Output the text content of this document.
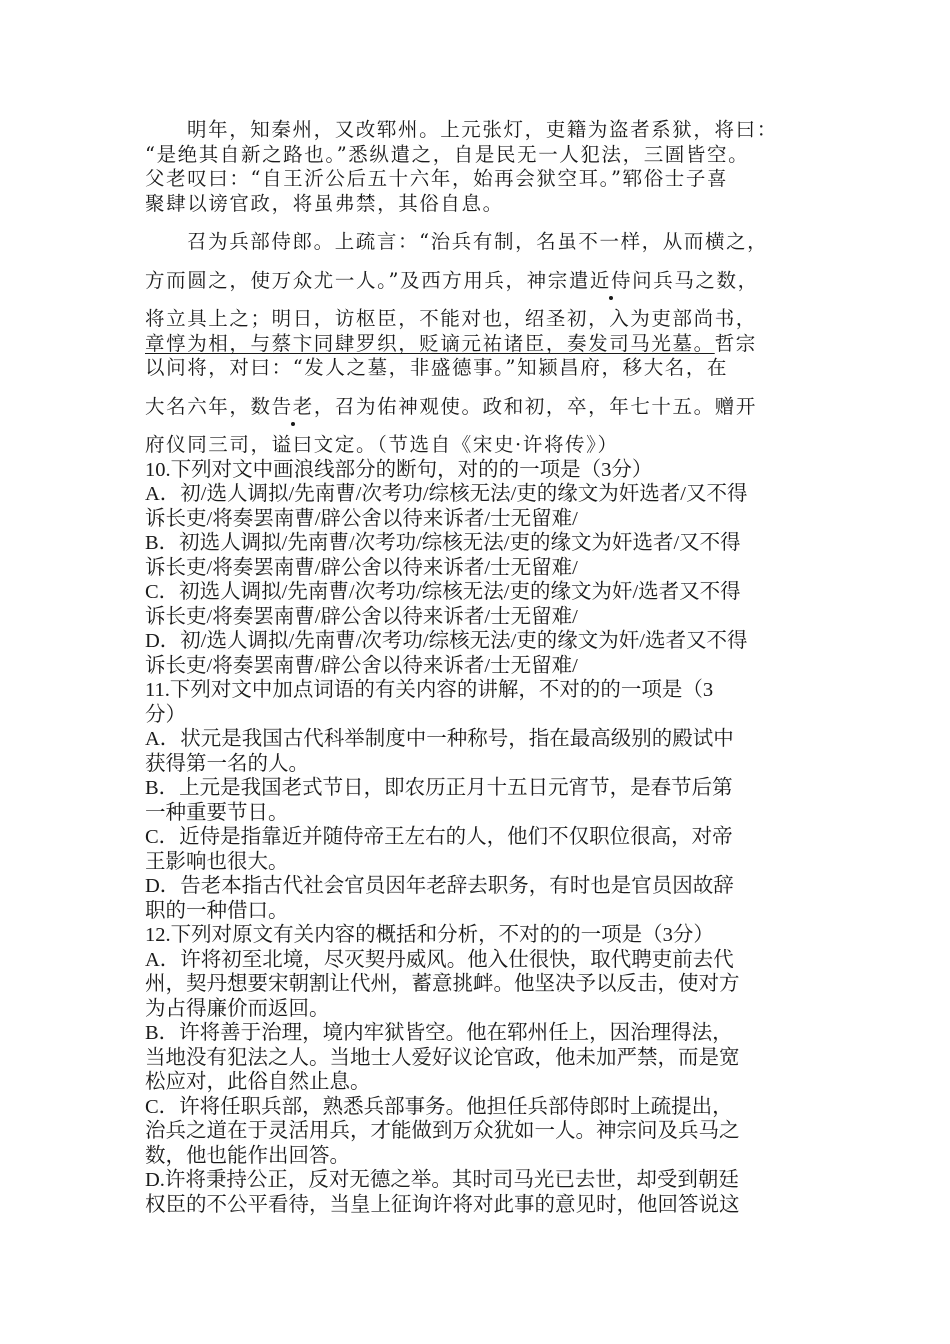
明年，知秦州，又改郓州。上元张灯，吏籍为盗者系狱，将曰：
“是绝其自新之路也。”悉纵遣之，自是民无一人犯法，三圄皆空。
父老叹曰：“自王沂公后五十六年，始再会狱空耳。”郓俗士子喜
聚肆以谤官政，将虽弗禁，其俗自息。
召为兵部侍郎。上疏言：“治兵有制，名虽不一样，从而横之，
方而圆之，使万众尤一人。”及西方用兵，神宗遣近侍问兵马之数，
将立具上之；明日，访枢臣，不能对也，绍圣初，入为吏部尚书，
章惇为相，与蔡卞同肆罗织，贬谪元祐诸臣，奏发司马光墓。哲宗
以问将，对曰：“发人之墓，非盛德事。”知颍昌府，移大名，在
大名六年，数告老，召为佑神观使。政和初，卒，年七十五。赠开
府仪同三司，谥曰文定。（节选自《宋史·许将传》）
10.下列对文中画浪线部分的断句，对的的一项是（3分）
A．初/选人调拟/先南曹/次考功/综核无法/吏的缘文为奸选者/又不得
诉长吏/将奏罢南曹/辟公舍以待来诉者/士无留难/
B．初选人调拟/先南曹/次考功/综核无法/吏的缘文为奸选者/又不得
诉长吏/将奏罢南曹/辟公舍以待来诉者/士无留难/
C．初选人调拟/先南曹/次考功/综核无法/吏的缘文为奸/选者又不得
诉长吏/将奏罢南曹/辟公舍以待来诉者/士无留难/
D．初/选人调拟/先南曹/次考功/综核无法/吏的缘文为奸/选者又不得
诉长吏/将奏罢南曹/辟公舍以待来诉者/士无留难/
11.下列对文中加点词语的有关内容的讲解，不对的的一项是（3
分）
A．状元是我国古代科举制度中一种称号，指在最高级别的殿试中
获得第一名的人。
B．上元是我国老式节日，即农历正月十五日元宵节，是春节后第
一种重要节日。
C．近侍是指靠近并随侍帝王左右的人，他们不仅职位很高，对帝
王影响也很大。
D．告老本指古代社会官员因年老辞去职务，有时也是官员因故辞
职的一种借口。
12.下列对原文有关内容的概括和分析，不对的的一项是（3分）
A．许将初至北境，尽灭契丹威风。他入仕很快，取代聘吏前去代
州，契丹想要宋朝割让代州，蓄意挑衅。他坚决予以反击，使对方
为占得廉价而返回。
B．许将善于治理，境内牢狱皆空。他在郓州任上，因治理得法，
当地没有犯法之人。当地士人爱好议论官政，他未加严禁，而是宽
松应对，此俗自然止息。
C．许将任职兵部，熟悉兵部事务。他担任兵部侍郎时上疏提出，
治兵之道在于灵活用兵，才能做到万众犹如一人。神宗问及兵马之
数，他也能作出回答。
D.许将秉持公正，反对无德之举。其时司马光已去世，却受到朝廷
权臣的不公平看待，当皇上征询许将对此事的意见时，他回答说这
